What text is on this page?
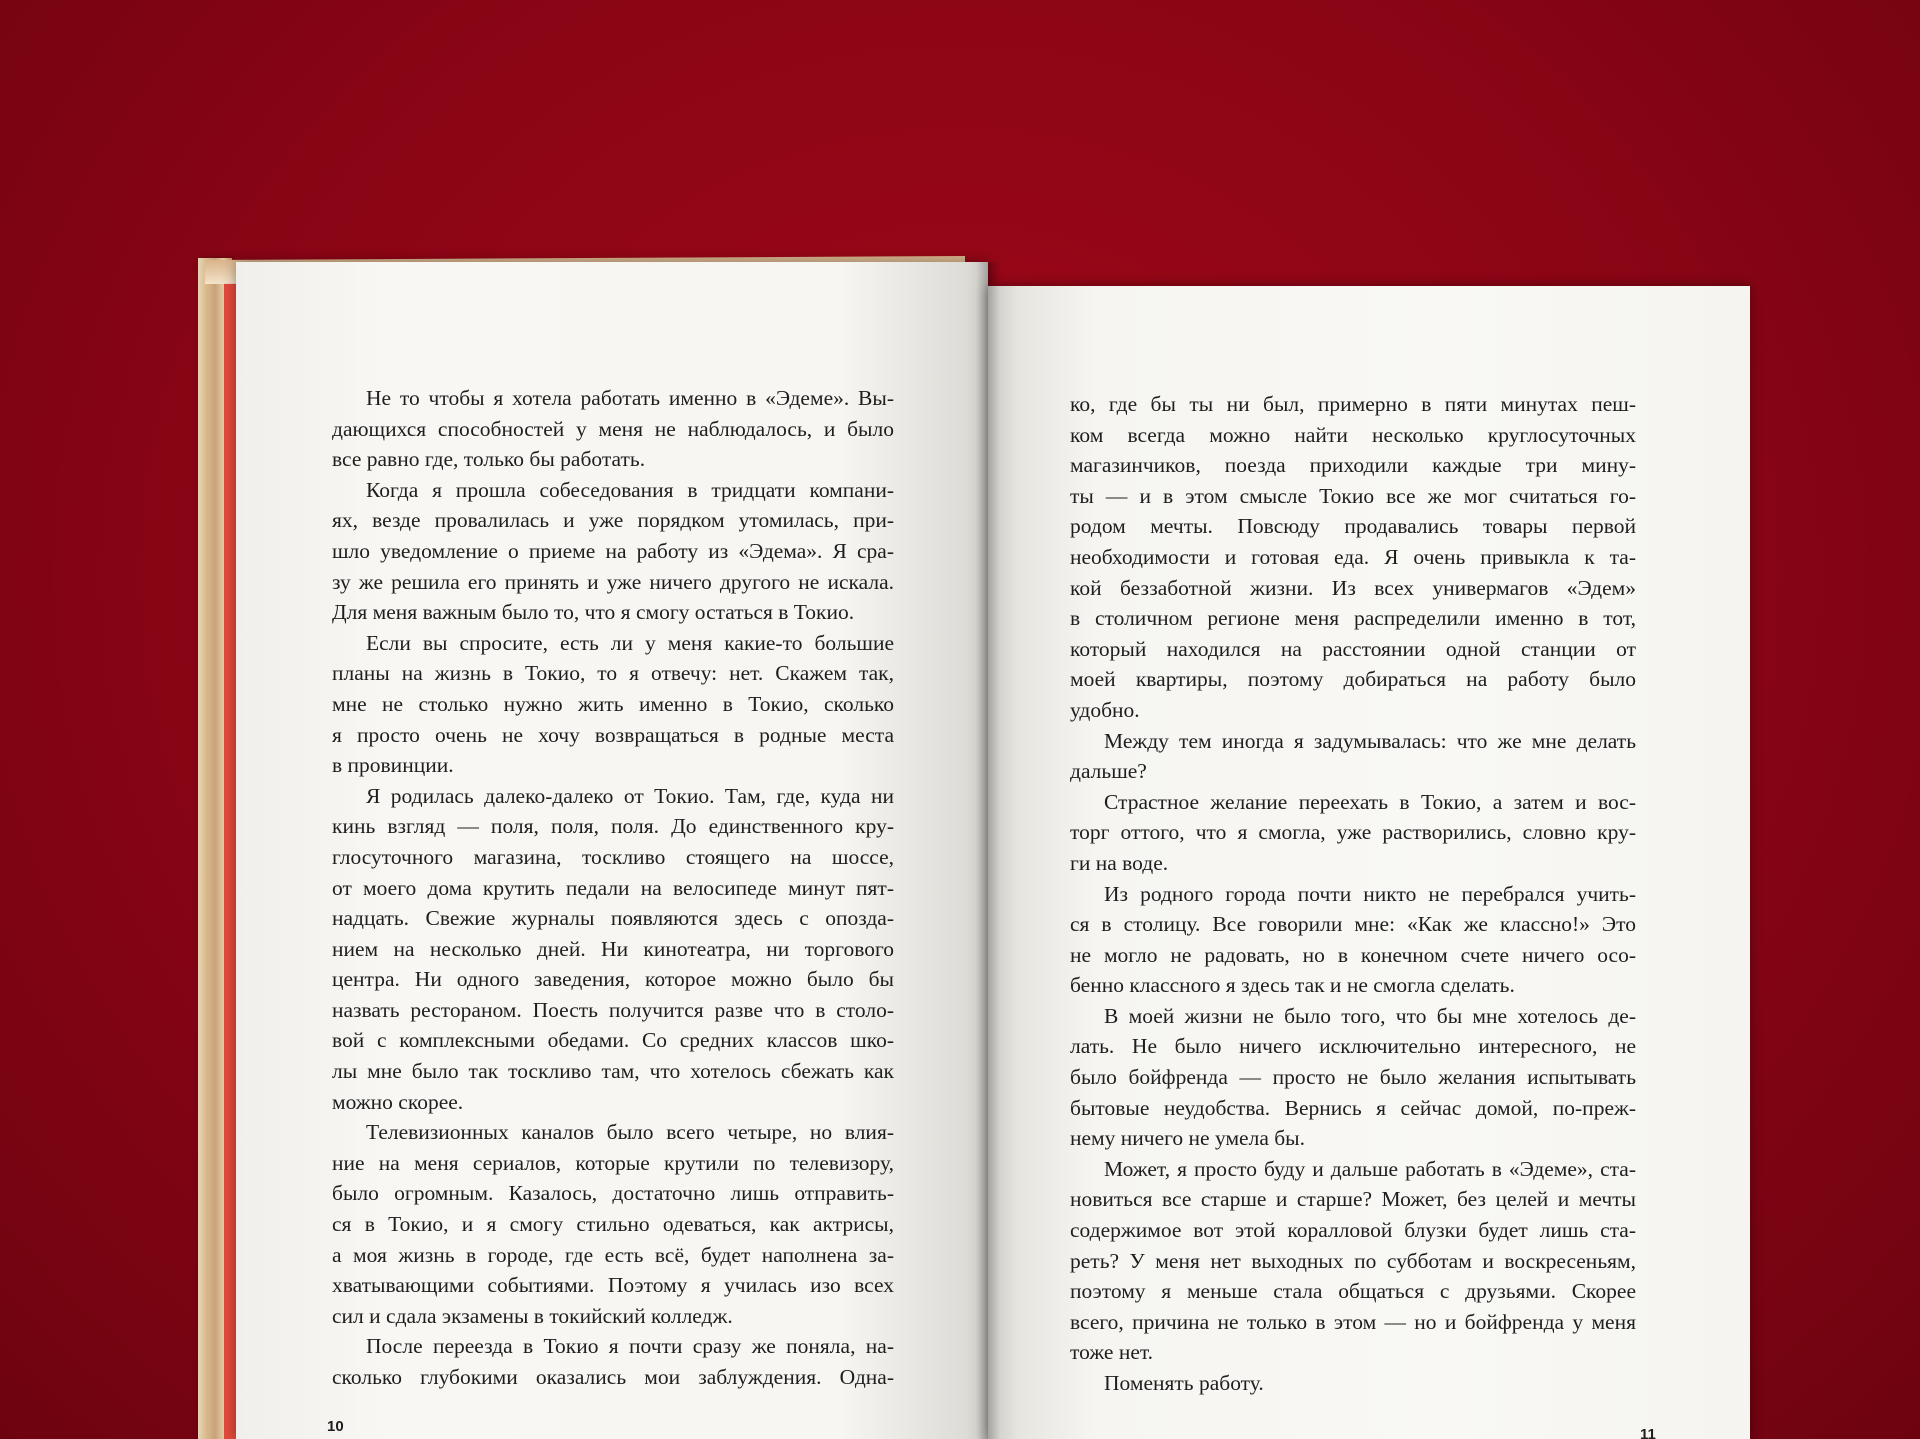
Не то чтобы я хотела работать именно в «Эдеме». Вы-
дающихся способностей у меня не наблюдалось, и было
все равно где, только бы работать.
Когда я прошла собеседования в тридцати компани-
ях, везде провалилась и уже порядком утомилась, при-
шло уведомление о приеме на работу из «Эдема». Я сра-
зу же решила его принять и уже ничего другого не искала.
Для меня важным было то, что я смогу остаться в Токио.
Если вы спросите, есть ли у меня какие-то большие
планы на жизнь в Токио, то я отвечу: нет. Скажем так,
мне не столько нужно жить именно в Токио, сколько
я просто очень не хочу возвращаться в родные места
в провинции.
Я родилась далеко-далеко от Токио. Там, где, куда ни
кинь взгляд — поля, поля, поля. До единственного кру-
глосуточного магазина, тоскливо стоящего на шоссе,
от моего дома крутить педали на велосипеде минут пят-
надцать. Свежие журналы появляются здесь с опозда-
нием на несколько дней. Ни кинотеатра, ни торгового
центра. Ни одного заведения, которое можно было бы
назвать рестораном. Поесть получится разве что в столо-
вой с комплексными обедами. Со средних классов шко-
лы мне было так тоскливо там, что хотелось сбежать как
можно скорее.
Телевизионных каналов было всего четыре, но влия-
ние на меня сериалов, которые крутили по телевизору,
было огромным. Казалось, достаточно лишь отправить-
ся в Токио, и я смогу стильно одеваться, как актрисы,
а моя жизнь в городе, где есть всё, будет наполнена за-
хватывающими событиями. Поэтому я училась изо всех
сил и сдала экзамены в токийский колледж.
После переезда в Токио я почти сразу же поняла, на-
сколько глубокими оказались мои заблуждения. Одна-
10
ко, где бы ты ни был, примерно в пяти минутах пеш-
ком всегда можно найти несколько круглосуточных
магазинчиков, поезда приходили каждые три мину-
ты — и в этом смысле Токио все же мог считаться го-
родом мечты. Повсюду продавались товары первой
необходимости и готовая еда. Я очень привыкла к та-
кой беззаботной жизни. Из всех универмагов «Эдем»
в столичном регионе меня распределили именно в тот,
который находился на расстоянии одной станции от
моей квартиры, поэтому добираться на работу было
удобно.
Между тем иногда я задумывалась: что же мне делать
дальше?
Страстное желание переехать в Токио, а затем и вос-
торг оттого, что я смогла, уже растворились, словно кру-
ги на воде.
Из родного города почти никто не перебрался учить-
ся в столицу. Все говорили мне: «Как же классно!» Это
не могло не радовать, но в конечном счете ничего осо-
бенно классного я здесь так и не смогла сделать.
В моей жизни не было того, что бы мне хотелось де-
лать. Не было ничего исключительно интересного, не
было бойфренда — просто не было желания испытывать
бытовые неудобства. Вернись я сейчас домой, по-преж-
нему ничего не умела бы.
Может, я просто буду и дальше работать в «Эдеме», ста-
новиться все старше и старше? Может, без целей и мечты
содержимое вот этой коралловой блузки будет лишь ста-
реть? У меня нет выходных по субботам и воскресеньям,
поэтому я меньше стала общаться с друзьями. Скорее
всего, причина не только в этом — но и бойфренда у меня
тоже нет.
Поменять работу.
11
